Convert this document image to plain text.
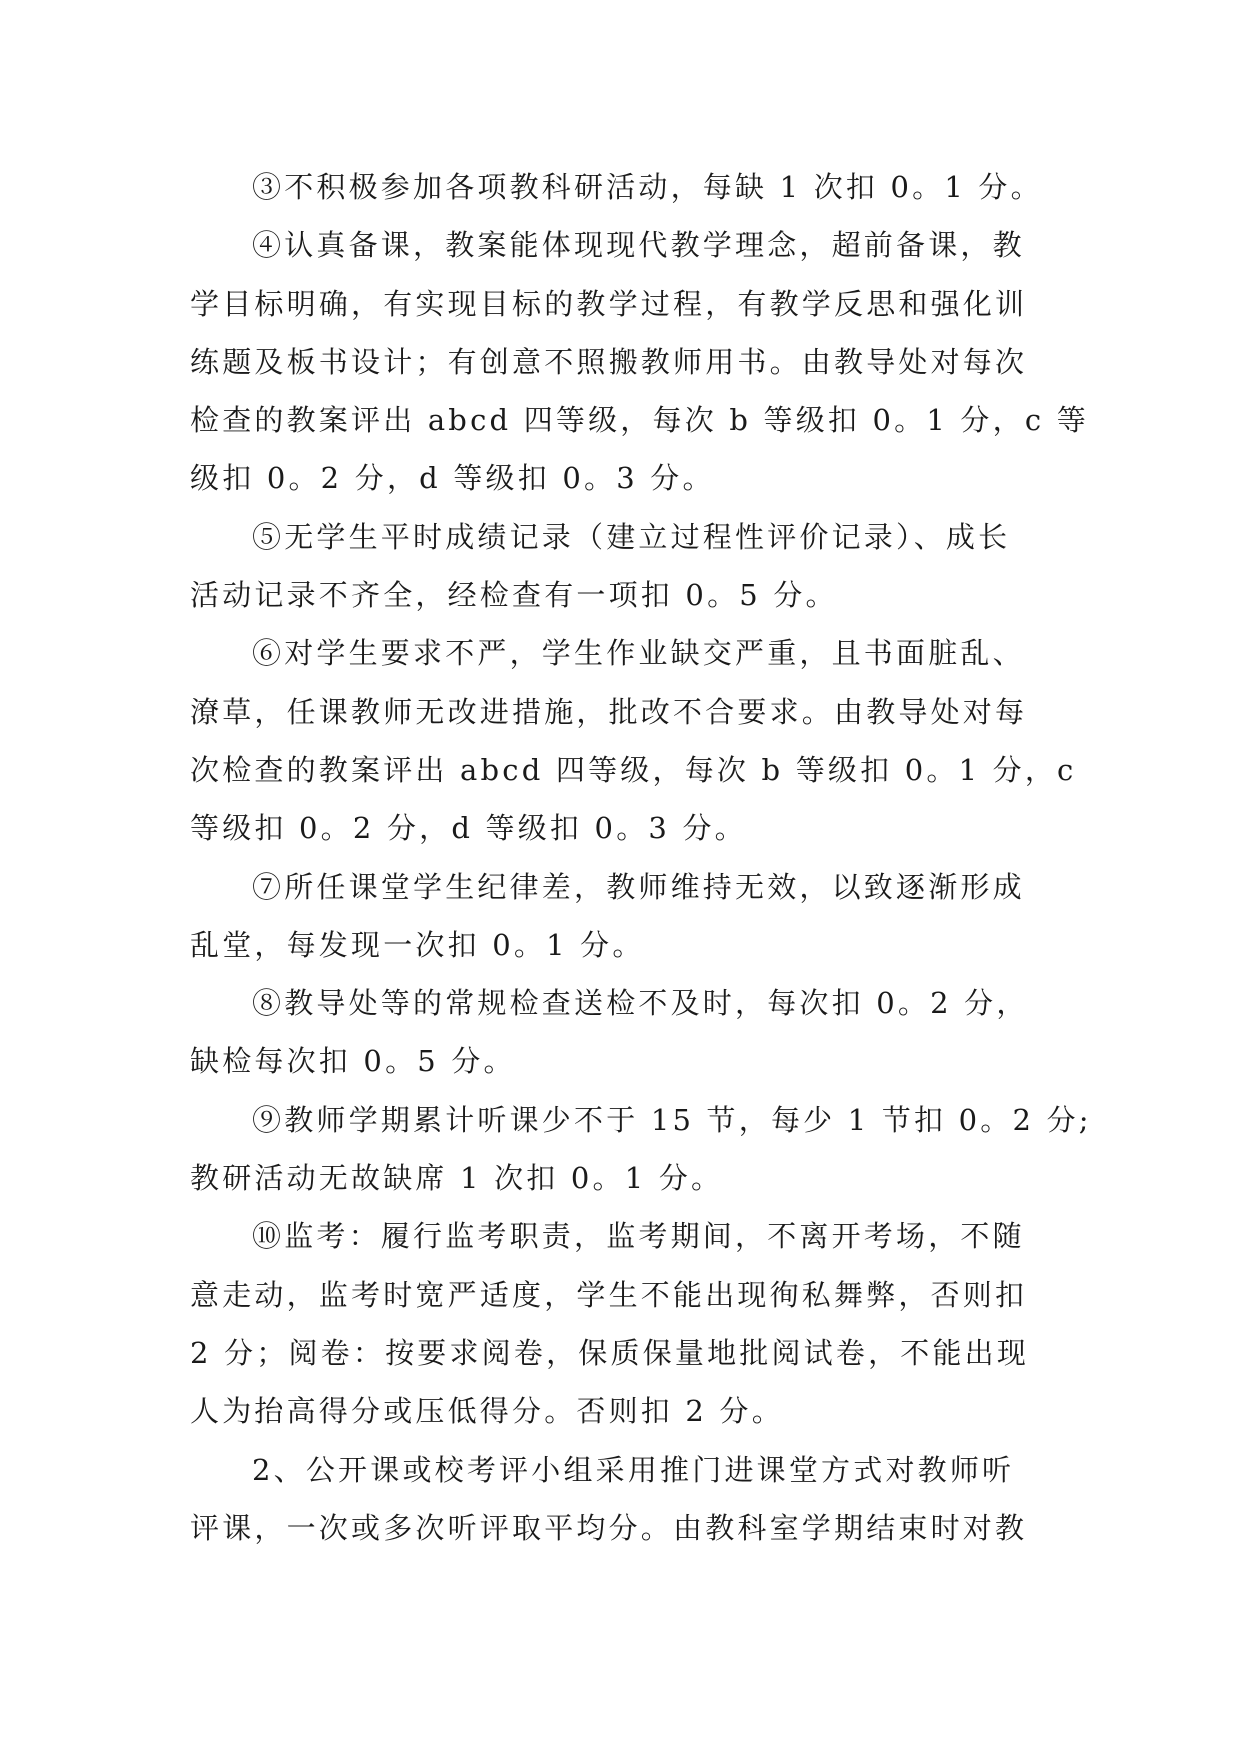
③不积极参加各项教科研活动，每缺 1 次扣 0。1 分。
④认真备课，教案能体现现代教学理念，超前备课，教
学目标明确，有实现目标的教学过程，有教学反思和强化训
练题及板书设计；有创意不照搬教师用书。由教导处对每次
检查的教案评出 abcd 四等级，每次 b 等级扣 0。1 分，c 等
级扣 0。2 分，d 等级扣 0。3 分。
⑤无学生平时成绩记录（建立过程性评价记录）、成长
活动记录不齐全，经检查有一项扣 0。5 分。
⑥对学生要求不严，学生作业缺交严重，且书面脏乱、
潦草，任课教师无改进措施，批改不合要求。由教导处对每
次检查的教案评出 abcd 四等级，每次 b 等级扣 0。1 分，c
等级扣 0。2 分，d 等级扣 0。3 分。
⑦所任课堂学生纪律差，教师维持无效，以致逐渐形成
乱堂，每发现一次扣 0。1 分。
⑧教导处等的常规检查送检不及时，每次扣 0。2 分，
缺检每次扣 0。5 分。
⑨教师学期累计听课少不于 15 节，每少 1 节扣 0。2 分;
教研活动无故缺席 1 次扣 0。1 分。
⑩监考：履行监考职责，监考期间，不离开考场，不随
意走动，监考时宽严适度，学生不能出现徇私舞弊，否则扣
2 分；阅卷：按要求阅卷，保质保量地批阅试卷，不能出现
人为抬高得分或压低得分。否则扣 2 分。
2、公开课或校考评小组采用推门进课堂方式对教师听
评课，一次或多次听评取平均分。由教科室学期结束时对教
